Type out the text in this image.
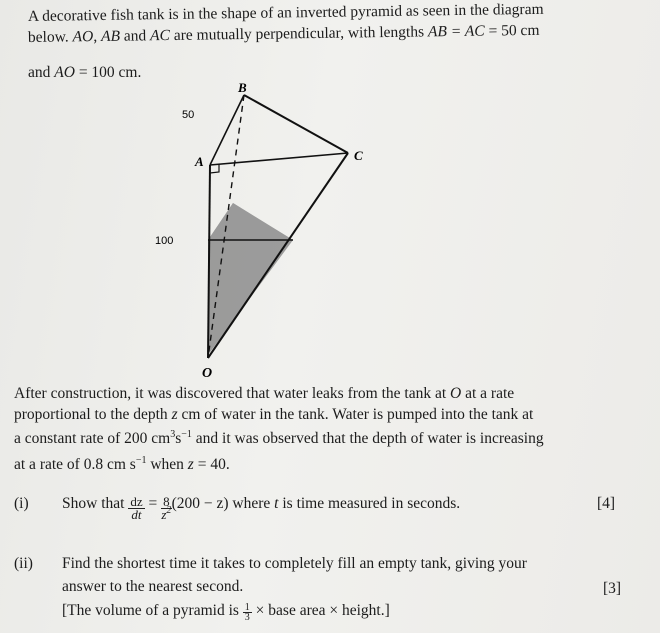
A decorative fish tank is in the shape of an inverted pyramid as seen in the diagram
below. AO, AB and AC are mutually perpendicular, with lengths AB = AC = 50 cm
and AO = 100 cm.
B
A	C
O
50
100
After construction, it was discovered that water leaks from the tank at O at a rate
proportional to the depth z cm of water in the tank. Water is pumped into the tank at
a constant rate of 200 $cm^3s^{-1}$ and it was observed that the depth of water is increasing
at a rate of 0.8 cm $s^{-1}$ when z = 40.
(i) Show that $\frac{dz}{dt} = \frac{8}{z^2} (200 - z)$ where t is time measured in seconds.	[4]
(ii) Find the shortest time it takes to completely fill an empty tank, giving your
answer to the nearest second.	[3]
[The volume of a pyramid is $\frac{1}{3}$ × base area × height.]
